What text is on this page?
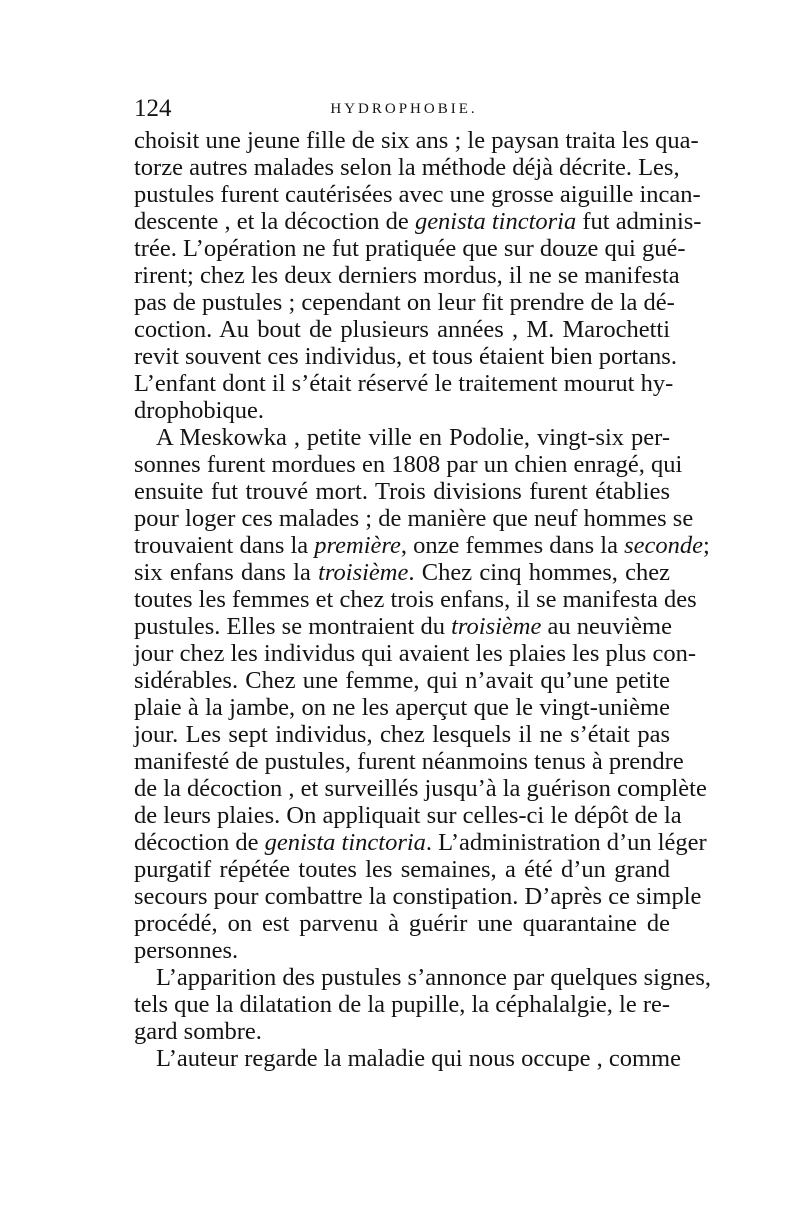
124	HYDROPHOBIE.
choisit une jeune fille de six ans ; le paysan traita les qua-
torze autres malades selon la méthode déjà décrite. Les,
pustules furent cautérisées avec une grosse aiguille incan-
descente , et la décoction de genista tinctoria fut adminis-
trée. L’opération ne fut pratiquée que sur douze qui gué-
rirent; chez les deux derniers mordus, il ne se manifesta
pas de pustules ; cependant on leur fit prendre de la dé-
coction. Au bout de plusieurs années , M. Marochetti
revit souvent ces individus, et tous étaient bien portans.
L’enfant dont il s’était réservé le traitement mourut hy-
drophobique.
A Meskowka , petite ville en Podolie, vingt-six per-
sonnes furent mordues en 1808 par un chien enragé, qui
ensuite fut trouvé mort. Trois divisions furent établies
pour loger ces malades ; de manière que neuf hommes se
trouvaient dans la première, onze femmes dans la seconde;
six enfans dans la troisième. Chez cinq hommes, chez
toutes les femmes et chez trois enfans, il se manifesta des
pustules. Elles se montraient du troisième au neuvième
jour chez les individus qui avaient les plaies les plus con-
sidérables. Chez une femme, qui n’avait qu’une petite
plaie à la jambe, on ne les aperçut que le vingt-unième
jour. Les sept individus, chez lesquels il ne s’était pas
manifesté de pustules, furent néanmoins tenus à prendre
de la décoction , et surveillés jusqu’à la guérison complète
de leurs plaies. On appliquait sur celles-ci le dépôt de la
décoction de genista tinctoria. L’administration d’un léger
purgatif répétée toutes les semaines, a été d’un grand
secours pour combattre la constipation. D’après ce simple
procédé, on est parvenu à guérir une quarantaine de
personnes.
L’apparition des pustules s’annonce par quelques signes,
tels que la dilatation de la pupille, la céphalalgie, le re-
gard sombre.
L’auteur regarde la maladie qui nous occupe , comme
